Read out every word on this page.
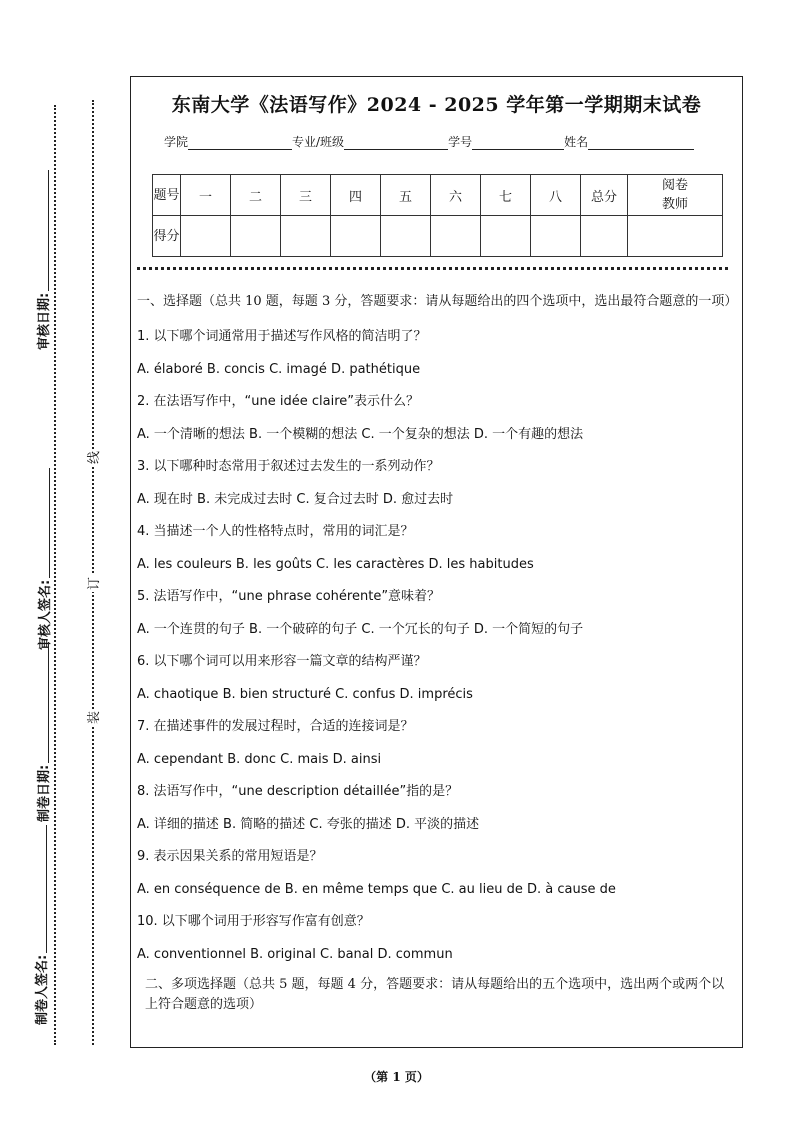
审核日期:
审核人签名:
制卷日期:
制卷人签名:
线
订
装
东南大学《法语写作》2024 - 2025 学年第一学期期末试卷
学院	专业/班级	学号	姓名
题号	一	二	三	四	五	六	七	八	总分	阅卷
教师
得分										

一、选择题（总共 10 题，每题 3 分，答题要求：请从每题给出的四个选项中，选出最符合题意的一项）

1. 以下哪个词通常用于描述写作风格的简洁明了？

A. élaboré B. concis C. imagé D. pathétique

2. 在法语写作中，“une idée claire”表示什么？

A. 一个清晰的想法 B. 一个模糊的想法 C. 一个复杂的想法 D. 一个有趣的想法

3. 以下哪种时态常用于叙述过去发生的一系列动作？

A. 现在时 B. 未完成过去时 C. 复合过去时 D. 愈过去时

4. 当描述一个人的性格特点时，常用的词汇是？

A. les couleurs B. les goûts C. les caractères D. les habitudes

5. 法语写作中，“une phrase cohérente”意味着？

A. 一个连贯的句子 B. 一个破碎的句子 C. 一个冗长的句子 D. 一个简短的句子

6. 以下哪个词可以用来形容一篇文章的结构严谨？

A. chaotique B. bien structuré C. confus D. imprécis

7. 在描述事件的发展过程时，合适的连接词是？

A. cependant B. donc C. mais D. ainsi

8. 法语写作中，“une description détaillée”指的是？

A. 详细的描述 B. 简略的描述 C. 夸张的描述 D. 平淡的描述

9. 表示因果关系的常用短语是？

A. en conséquence de B. en même temps que C. au lieu de D. à cause de

10. 以下哪个词用于形容写作富有创意？

A. conventionnel B. original C. banal D. commun

二、多项选择题（总共 5 题，每题 4 分，答题要求：请从每题给出的五个选项中，选出两个或两个以上符合题意的选项）

（第 1 页）
